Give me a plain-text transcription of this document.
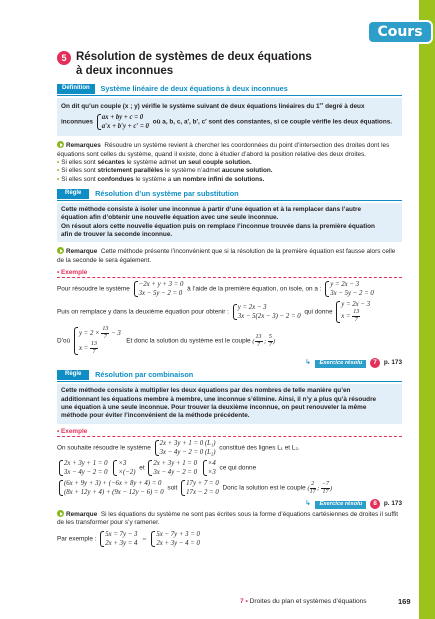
Cours
5 Résolution de systèmes de deux équations
à deux inconnues
Définition Système linéaire de deux équations à deux inconnues

On dit qu’un couple (x ; y) vérifie le système suivant de deux équations linéaires du 1er degré à deux

inconnues
ax + by + c = 0
a′x + b′y + c′ = 0
où a, b, c, a′, b′, c′ sont des constantes, si ce couple vérifie les deux équations.

Remarques Résoudre un système revient à chercher les coordonnées du point d’intersection des droites dont les équations sont celles du système, quand il existe, donc à étudier d’abord la position relative des deux droites.

• Si elles sont sécantes le système admet un seul couple solution.

• Si elles sont strictement parallèles le système n’admet aucune solution.

• Si elles sont confondues le système a un nombre infini de solutions.

Règle Résolution d’un système par substitution

Cette méthode consiste à isoler une inconnue à partir d’une équation et à la remplacer dans l’autre

équation afin d’obtenir une nouvelle équation avec une seule inconnue.

On résout alors cette nouvelle équation puis on remplace l’inconnue trouvée dans la première équation

afin de trouver la seconde inconnue.

Remarque Cette méthode présente l’inconvénient que si la résolution de la première équation est fausse alors celle de la seconde le sera également.

• Exemple

Pour résoudre le système
−2x + y + 3 = 0
3x − 5y − 2 = 0
à l’aide de la première équation, on isole, on a :
y = 2x − 3
3x − 5y − 2 = 0

Puis on remplace y dans la deuxième équation pour obtenir :
y = 2x − 3
3x − 5(2x − 3) − 2 = 0
qui donne
y = 2x − 3
$x = \frac{13}{7}$

D’où
$y = 2 \times \frac{13}{7} - 3$
$x = \frac{13}{7}$	Et donc la solution du système est le couple ( $\frac{13}{7}$ ; $\frac{5}{7}$ )

↳ Exercice résolu 7 p. 173
Règle Résolution par combinaison

Cette méthode consiste à multiplier les deux équations par des nombres de telle manière qu’en

additionnant les équations membre à membre, une inconnue s’élimine. Ainsi, il n’y a plus qu’à résoudre

une équation à une seule inconnue. Pour trouver la deuxième inconnue, on peut renouveler la même

méthode pour éviter l’inconvénient de la méthode précédente.

• Exemple

On souhaite résoudre le système
2x + 3y + 1 = 0 (L₁)
3x − 4y − 2 = 0 (L₂)
constitué des lignes L₁ et L₂.

2x + 3y + 1 = 0
3x − 4y − 2 = 0

×3
×(−2)
et
2x + 3y + 1 = 0
3x − 4y − 2 = 0

×4
×3
ce qui donne

(6x + 9y + 3) + (−6x + 8y + 4) = 0
(8x + 12y + 4) + (9x − 12y − 6) = 0
soit
17y + 7 = 0
17x − 2 = 0
Donc la solution est le couple ( $\frac{2}{17}$ ; $\frac{-7}{17}$ )

↳ Exercice résolu 8 p. 173

Remarque Si les équations du système ne sont pas écrites sous la forme d’équations cartésiennes de droites il suffit de les transformer pour s’y ramener.

Par exemple :
5x = 7y − 3
2x + 3y = 4
⇔
5x − 7y + 3 = 0
2x + 3y − 4 = 0

7 • Droites du plan et systèmes d’équations	169
